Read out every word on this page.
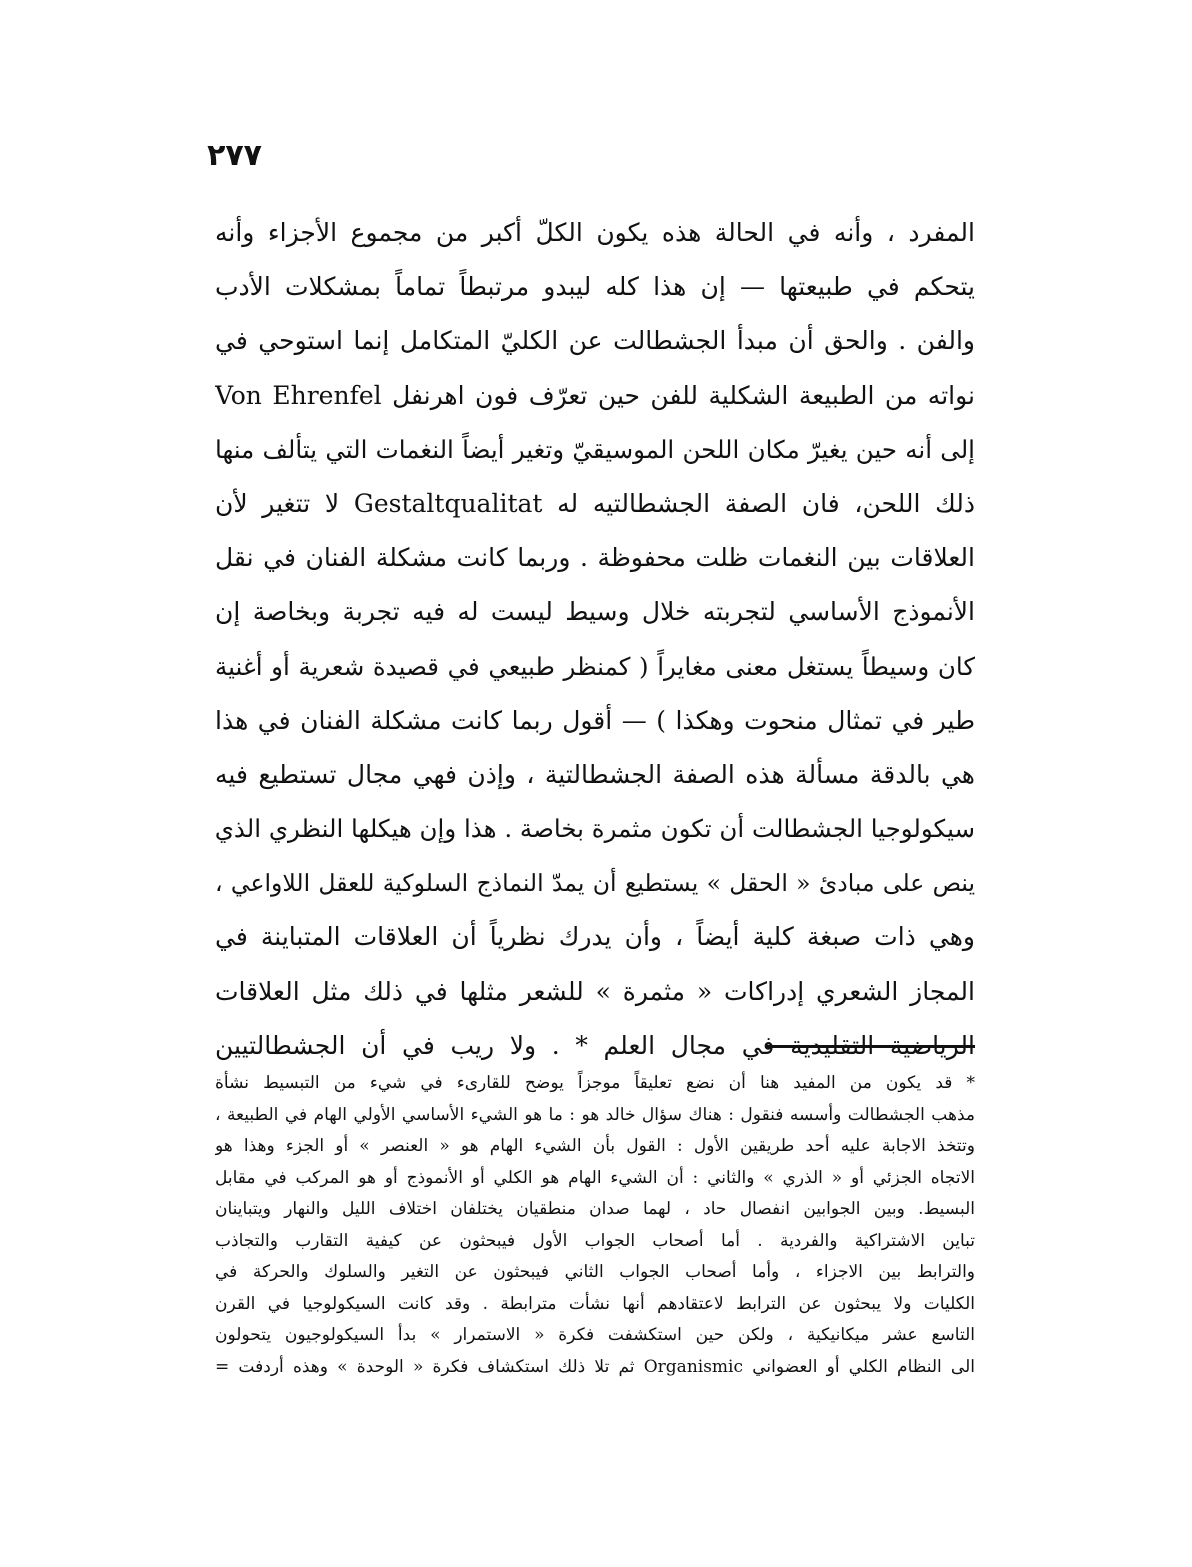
٢٧٧
المفرد ، وأنه في الحالة هذه يكون الكلّ أكبر من مجموع الأجزاء وأنه
يتحكم في طبيعتها — إن هذا كله ليبدو مرتبطاً تماماً بمشكلات الأدب
والفن . والحق أن مبدأ الجشطالت عن الكليّ المتكامل إنما استوحي في
نواته من الطبيعة الشكلية للفن حين تعرّف فون اهرنفل Von Ehrenfel
إلى أنه حين يغيرّ مكان اللحن الموسيقيّ وتغير أيضاً النغمات التي يتألف منها
ذلك اللحن، فان الصفة الجشطالتيه له Gestaltqualitat لا تتغير لأن
العلاقات بين النغمات ظلت محفوظة . وربما كانت مشكلة الفنان في نقل
الأنموذج الأساسي لتجربته خلال وسيط ليست له فيه تجربة وبخاصة إن
كان وسيطاً يستغل معنى مغايراً ( كمنظر طبيعي في قصيدة شعرية أو أغنية
طير في تمثال منحوت وهكذا ) — أقول ربما كانت مشكلة الفنان في هذا
هي بالدقة مسألة هذه الصفة الجشطالتية ، وإذن فهي مجال تستطيع فيه
سيكولوجيا الجشطالت أن تكون مثمرة بخاصة . هذا وإن هيكلها النظري الذي
ينص على مبادئ « الحقل » يستطيع أن يمدّ النماذج السلوكية للعقل اللاواعي ،
وهي ذات صبغة كلية أيضاً ، وأن يدرك نظرياً أن العلاقات المتباينة في
المجاز الشعري إدراكات « مثمرة » للشعر مثلها في ذلك مثل العلاقات
الرياضية التقليدية في مجال العلم * . ولا ريب في أن الجشطالتيين
* قد يكون من المفيد هنا أن نضع تعليقاً موجزاً يوضح للقارىء في شيء من التبسيط نشأة
مذهب الجشطالت وأسسه فنقول : هناك سؤال خالد هو : ما هو الشيء الأساسي الأولي الهام في الطبيعة ،
وتتخذ الاجابة عليه أحد طريقين الأول : القول بأن الشيء الهام هو « العنصر » أو الجزء وهذا هو
الاتجاه الجزئي أو « الذري » والثاني : أن الشيء الهام هو الكلي أو الأنموذج أو هو المركب في مقابل
البسيط. وبين الجوابين انفصال حاد ، لهما صدان منطقيان يختلفان اختلاف الليل والنهار ويتباينان
تباين الاشتراكية والفردية . أما أصحاب الجواب الأول فيبحثون عن كيفية التقارب والتجاذب
والترابط بين الاجزاء ، وأما أصحاب الجواب الثاني فيبحثون عن التغير والسلوك والحركة في
الكليات ولا يبحثون عن الترابط لاعتقادهم أنها نشأت مترابطة . وقد كانت السيكولوجيا في القرن
التاسع عشر ميكانيكية ، ولكن حين استكشفت فكرة « الاستمرار » بدأ السيكولوجيون يتحولون
الى النظام الكلي أو العضواني Organismic ثم تلا ذلك استكشاف فكرة « الوحدة » وهذه أردفت =
